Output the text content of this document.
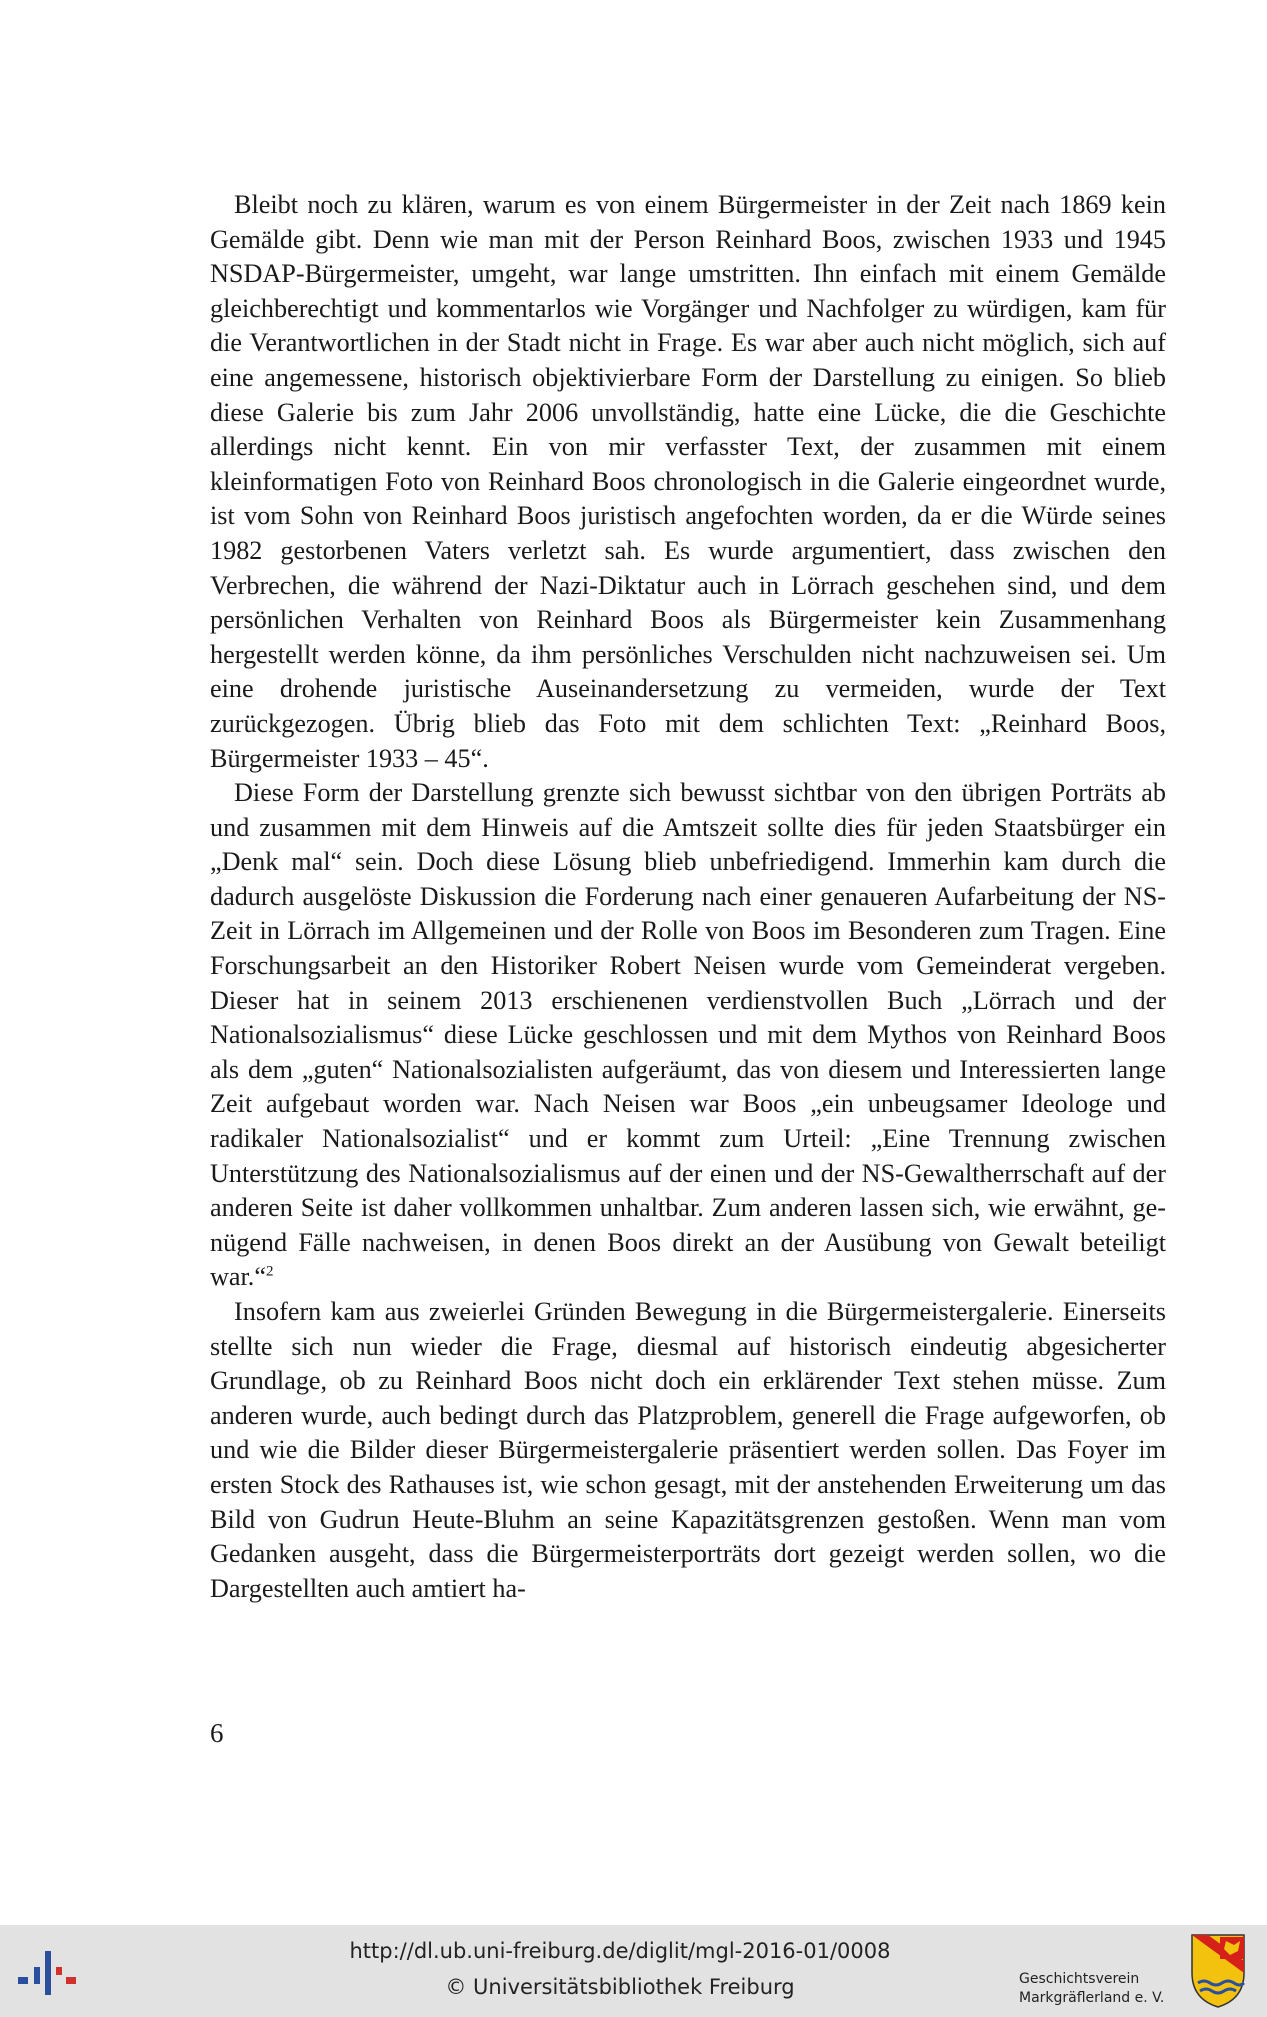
Bleibt noch zu klären, warum es von einem Bürgermeister in der Zeit nach 1869 kein Gemälde gibt. Denn wie man mit der Person Reinhard Boos, zwischen 1933 und 1945 NSDAP-Bürgermeister, umgeht, war lange umstritten. Ihn einfach mit einem Gemälde gleichberechtigt und kommentarlos wie Vorgänger und Nachfolger zu würdigen, kam für die Verantwortlichen in der Stadt nicht in Frage. Es war aber auch nicht möglich, sich auf eine angemessene, historisch objektivierbare Form der Darstellung zu einigen. So blieb diese Galerie bis zum Jahr 2006 unvollständig, hatte eine Lücke, die die Geschichte allerdings nicht kennt. Ein von mir verfasster Text, der zusammen mit einem kleinformatigen Foto von Reinhard Boos chronologisch in die Galerie eingeordnet wurde, ist vom Sohn von Reinhard Boos juristisch angefochten worden, da er die Würde seines 1982 gestorbenen Vaters verletzt sah. Es wurde argumentiert, dass zwischen den Verbrechen, die während der Nazi-Diktatur auch in Lörrach geschehen sind, und dem persönlichen Verhalten von Reinhard Boos als Bürgermeister kein Zusammenhang hergestellt werden könne, da ihm persönliches Verschulden nicht nachzuweisen sei. Um eine drohende juristische Auseinandersetzung zu vermeiden, wurde der Text zurückgezogen. Übrig blieb das Foto mit dem schlichten Text: „Reinhard Boos, Bürgermeister 1933 – 45“.

Diese Form der Darstellung grenzte sich bewusst sichtbar von den übrigen Porträts ab und zusammen mit dem Hinweis auf die Amtszeit sollte dies für jeden Staatsbürger ein „Denk mal“ sein. Doch diese Lösung blieb unbefriedigend. Immerhin kam durch die dadurch ausgelöste Diskussion die Forderung nach einer genaueren Aufarbeitung der NS-Zeit in Lörrach im Allgemeinen und der Rolle von Boos im Besonderen zum Tragen. Eine Forschungsarbeit an den Historiker Robert Neisen wurde vom Gemeinderat vergeben. Dieser hat in seinem 2013 erschienenen verdienstvollen Buch „Lörrach und der Nationalsozialismus“ diese Lücke geschlossen und mit dem Mythos von Reinhard Boos als dem „guten“ Nationalsozialisten aufgeräumt, das von diesem und Interessierten lange Zeit aufgebaut worden war. Nach Neisen war Boos „ein unbeugsamer Ideologe und radikaler Nationalsozialist“ und er kommt zum Urteil: „Eine Trennung zwischen Unterstützung des Nationalsozialismus auf der einen und der NS-Gewaltherrschaft auf der anderen Seite ist daher vollkommen unhaltbar. Zum anderen lassen sich, wie erwähnt, genügend Fälle nachweisen, in denen Boos direkt an der Ausübung von Gewalt beteiligt war.“$^2$

Insofern kam aus zweierlei Gründen Bewegung in die Bürgermeistergalerie. Einerseits stellte sich nun wieder die Frage, diesmal auf historisch eindeutig abgesicherter Grundlage, ob zu Reinhard Boos nicht doch ein erklärender Text stehen müsse. Zum anderen wurde, auch bedingt durch das Platzproblem, generell die Frage aufgeworfen, ob und wie die Bilder dieser Bürgermeistergalerie präsentiert werden sollen. Das Foyer im ersten Stock des Rathauses ist, wie schon gesagt, mit der anstehenden Erweiterung um das Bild von Gudrun Heute-Bluhm an seine Kapazitätsgrenzen gestoßen. Wenn man vom Gedanken ausgeht, dass die Bürgermeisterporträts dort gezeigt werden sollen, wo die Dargestellten auch amtiert ha-

6
http://dl.ub.uni-freiburg.de/diglit/mgl-2016-01/0008
© Universitätsbibliothek Freiburg	Geschichtsverein
Markgräflerland e. V.
